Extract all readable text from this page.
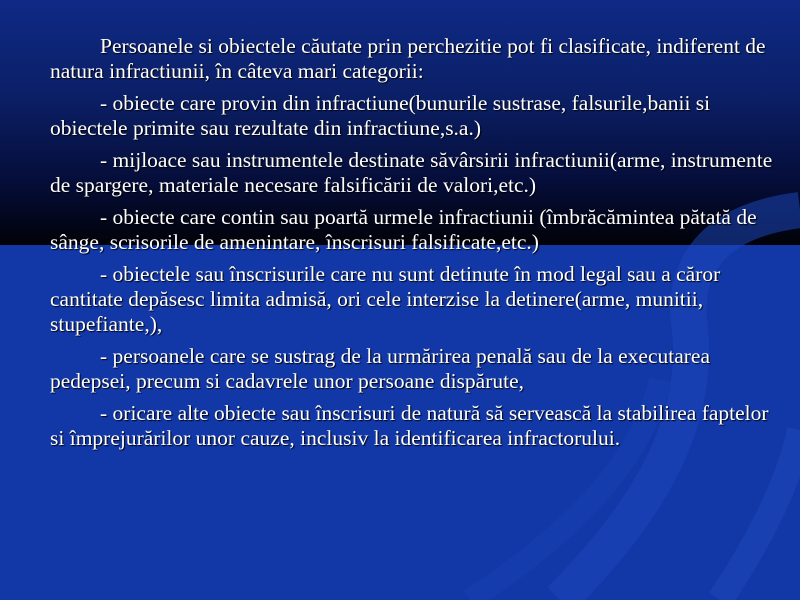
Persoanele si obiectele căutate prin perchezitie pot fi clasificate, indiferent de natura infractiunii, în câteva mari categorii:

- obiecte care provin din infractiune(bunurile sustrase, falsurile,banii si obiectele primite sau rezultate din infractiune,s.a.)

- mijloace sau instrumentele destinate săvârsirii infractiunii(arme, instrumente de spargere, materiale necesare falsificării de valori,etc.)

- obiecte care contin sau poartă urmele infractiunii (îmbrăcămintea pătată de sânge, scrisorile de amenintare, înscrisuri falsificate,etc.)

- obiectele sau înscrisurile care nu sunt detinute în mod legal sau a căror cantitate depăsesc limita admisă, ori cele interzise la detinere(arme, munitii, stupefiante,),

- persoanele care se sustrag de la urmărirea penală sau de la executarea pedepsei, precum si cadavrele unor persoane dispărute,

- oricare alte obiecte sau înscrisuri de natură să servească la stabilirea faptelor si împrejurărilor unor cauze, inclusiv la identificarea infractorului.
